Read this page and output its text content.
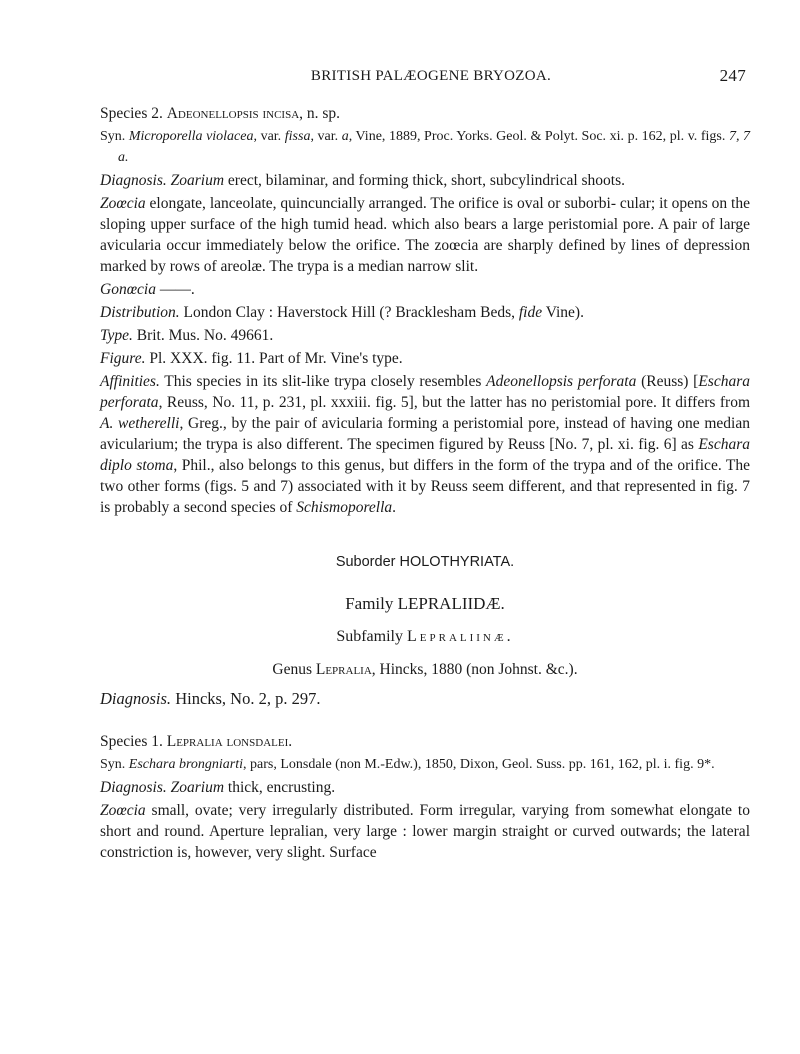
BRITISH PALÆOGENE BRYOZOA.	247

Species 2. Adeonellopsis incisa, n. sp.

Syn. Microporella violacea, var. fissa, var. a, Vine, 1889, Proc. Yorks. Geol. & Polyt. Soc. xi. p. 162, pl. v. figs. 7, 7 a.

Diagnosis. Zoarium erect, bilaminar, and forming thick, short, subcylindrical shoots.

Zoœcia elongate, lanceolate, quincuncially arranged. The orifice is oval or suborbi- cular; it opens on the sloping upper surface of the high tumid head. which also bears a large peristomial pore. A pair of large avicularia occur immediately below the orifice. The zoœcia are sharply defined by lines of depression marked by rows of areolæ. The trypa is a median narrow slit.

Gonœcia ——.

Distribution. London Clay : Haverstock Hill (? Bracklesham Beds, fide Vine).

Type. Brit. Mus. No. 49661.

Figure. Pl. XXX. fig. 11. Part of Mr. Vine's type.

Affinities. This species in its slit-like trypa closely resembles Adeonellopsis perforata (Reuss) [Eschara perforata, Reuss, No. 11, p. 231, pl. xxxiii. fig. 5], but the latter has no peristomial pore. It differs from A. wetherelli, Greg., by the pair of avicularia forming a peristomial pore, instead of having one median avicularium; the trypa is also different. The specimen figured by Reuss [No. 7, pl. xi. fig. 6] as Eschara diplo stoma, Phil., also belongs to this genus, but differs in the form of the trypa and of the orifice. The two other forms (figs. 5 and 7) associated with it by Reuss seem different, and that represented in fig. 7 is probably a second species of Schismoporella.

Suborder HOLOTHYRIATA.

Family LEPRALIIDÆ.

Subfamily Lepraliinæ.

Genus Lepralia, Hincks, 1880 (non Johnst. &c.).

Diagnosis. Hincks, No. 2, p. 297.

Species 1. Lepralia lonsdalei.

Syn. Eschara brongniarti, pars, Lonsdale (non M.-Edw.), 1850, Dixon, Geol. Suss. pp. 161, 162, pl. i. fig. 9*.

Diagnosis. Zoarium thick, encrusting.

Zoœcia small, ovate; very irregularly distributed. Form irregular, varying from somewhat elongate to short and round. Aperture lepralian, very large : lower margin straight or curved outwards; the lateral constriction is, however, very slight. Surface
